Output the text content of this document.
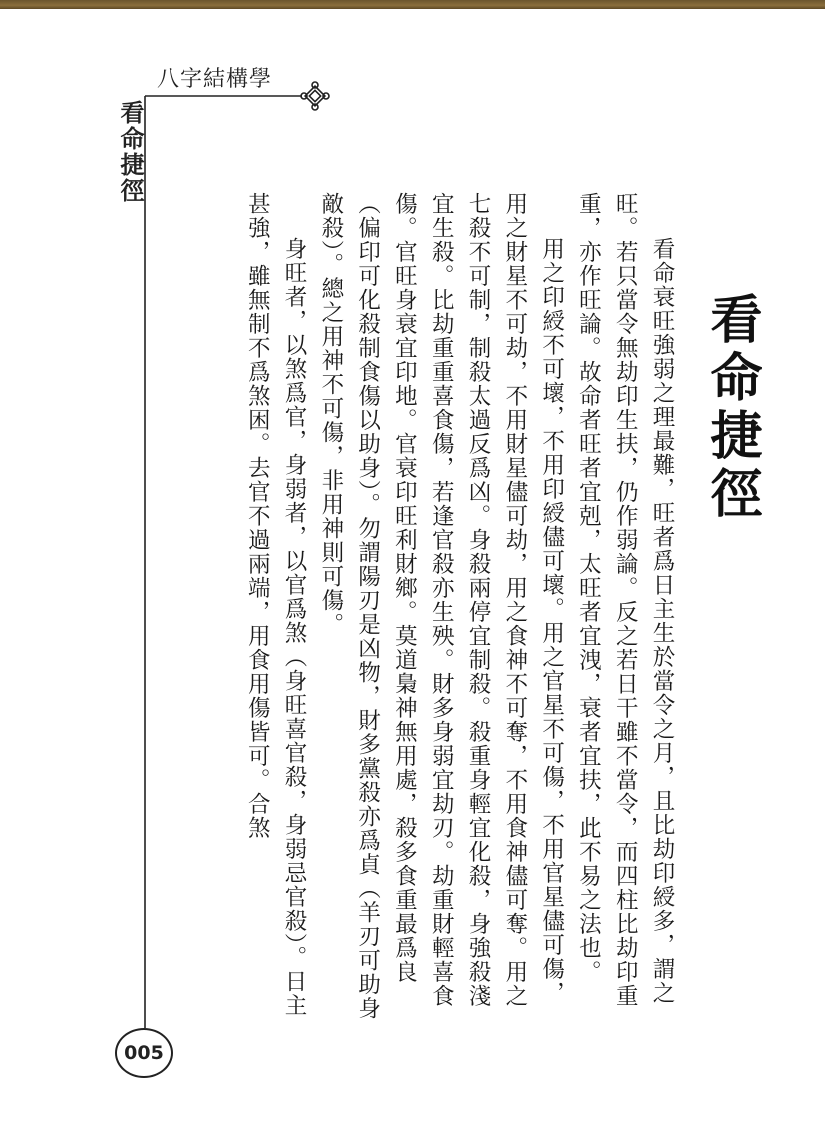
八字結構學
看命捷徑
看命捷徑

看命衰旺強弱之理最難，旺者爲日主生於當令之月，且比劫印綬多，謂之旺。若只當令無劫印生扶，仍作弱論。反之若日干雖不當令，而四柱比劫印重重，亦作旺論。故命者旺者宜剋，太旺者宜洩，衰者宜扶，此不易之法也。

用之印綬不可壞，不用印綬儘可壞。用之官星不可傷，不用官星儘可傷，用之財星不可劫，不用財星儘可劫，用之食神不可奪，不用食神儘可奪。用之七殺不可制，制殺太過反爲凶。身殺兩停宜制殺。殺重身輕宜化殺，身強殺淺宜生殺。比劫重重喜食傷，若逢官殺亦生殃。財多身弱宜劫刃。劫重財輕喜食傷。官旺身衰宜印地。官衰印旺利財鄉。莫道梟神無用處，殺多食重最爲良（偏印可化殺制食傷以助身）。勿謂陽刃是凶物，財多黨殺亦爲貞（羊刃可助身敵殺）。總之用神不可傷，非用神則可傷。

身旺者，以煞爲官，身弱者，以官爲煞（身旺喜官殺，身弱忌官殺）。日主甚強，雖無制不爲煞困。去官不過兩端，用食用傷皆可。合煞

005
